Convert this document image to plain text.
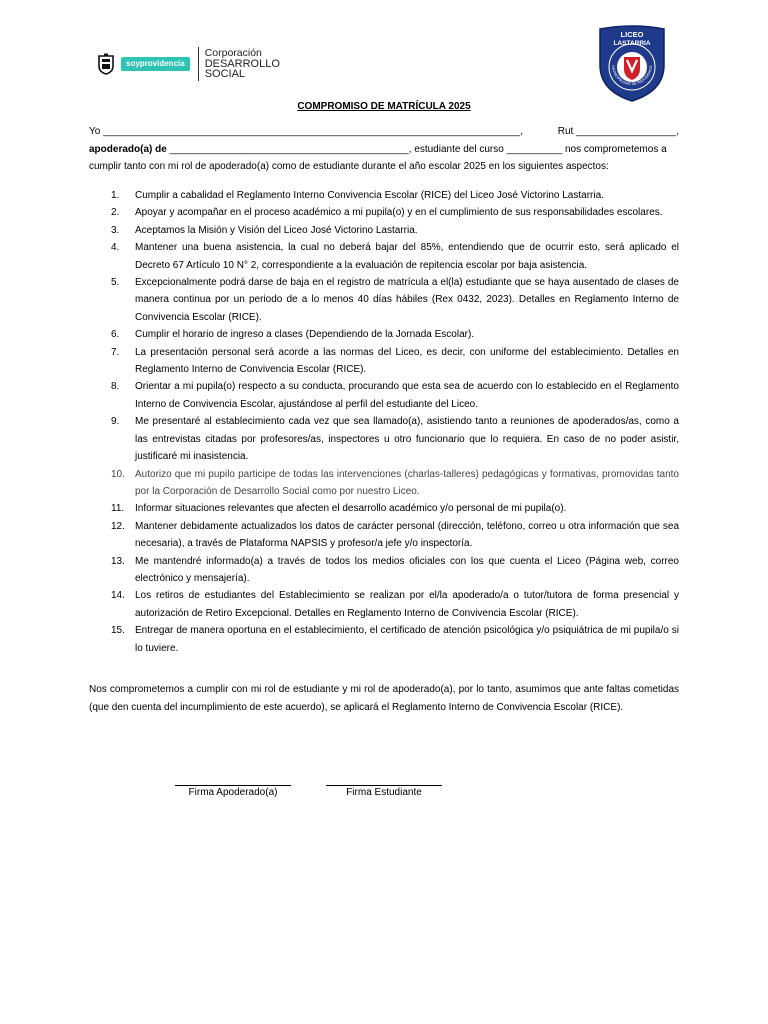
soyprovidencia
Corporación
DESARROLLO
SOCIAL
LICEO
LASTARRIA
I.MUNICIPALIDAD DE PROVIDENCIA
COMPROMISO DE MATRÍCULA 2025
Yo ___________________________________________________________________________,	Rut __________________,
apoderado(a) de ___________________________________________, estudiante del curso __________ nos comprometemos a
cumplir tanto con mi rol de apoderado(a) como de estudiante durante el año escolar 2025 en los siguientes aspectos:
1. Cumplir a cabalidad el Reglamento Interno Convivencia Escolar (RICE) del Liceo José Victorino Lastarria.
2. Apoyar y acompañar en el proceso académico a mi pupila(o) y en el cumplimiento de sus responsabilidades escolares.
3. Aceptamos la Misión y Visión del Liceo José Victorino Lastarria.
4. Mantener una buena asistencia, la cual no deberá bajar del 85%, entendiendo que de ocurrir esto, será aplicado el Decreto 67 Artículo 10 N° 2, correspondiente a la evaluación de repitencia escolar por baja asistencia.
5. Excepcionalmente podrá darse de baja en el registro de matrícula a el(la) estudiante que se haya ausentado de clases de manera continua por un periodo de a lo menos 40 días hábiles (Rex 0432, 2023). Detalles en Reglamento Interno de Convivencia Escolar (RICE).
6. Cumplir el horario de ingreso a clases (Dependiendo de la Jornada Escolar).
7. La presentación personal será acorde a las normas del Liceo, es decir, con uniforme del establecimiento. Detalles en Reglamento Interno de Convivencia Escolar (RICE).
8. Orientar a mi pupila(o) respecto a su conducta, procurando que esta sea de acuerdo con lo establecido en el Reglamento Interno de Convivencia Escolar, ajustándose al perfil del estudiante del Liceo.
9. Me presentaré al establecimiento cada vez que sea llamado(a), asistiendo tanto a reuniones de apoderados/as, como a las entrevistas citadas por profesores/as, inspectores u otro funcionario que lo requiera. En caso de no poder asistir, justificaré mi inasistencia.
10. Autorizo que mi pupilo participe de todas las intervenciones (charlas-talleres) pedagógicas y formativas, promovidas tanto por la Corporación de Desarrollo Social como por nuestro Liceo.
11. Informar situaciones relevantes que afecten el desarrollo académico y/o personal de mi pupila(o).
12. Mantener debidamente actualizados los datos de carácter personal (dirección, teléfono, correo u otra información que sea necesaria), a través de Plataforma NAPSIS y profesor/a jefe y/o inspectoría.
13. Me mantendré informado(a) a través de todos los medios oficiales con los que cuenta el Liceo (Página web, correo electrónico y mensajería).
14. Los retiros de estudiantes del Establecimiento se realizan por el/la apoderado/a o tutor/tutora de forma presencial y autorización de Retiro Excepcional. Detalles en Reglamento Interno de Convivencia Escolar (RICE).
15. Entregar de manera oportuna en el establecimiento, el certificado de atención psicológica y/o psiquiátrica de mi pupila/o si lo tuviere.
Nos comprometemos a cumplir con mi rol de estudiante y mi rol de apoderado(a), por lo tanto, asumimos que ante faltas cometidas (que den cuenta del incumplimiento de este acuerdo), se aplicará el Reglamento Interno de Convivencia Escolar (RICE).
Firma Apoderado(a)	Firma Estudiante
